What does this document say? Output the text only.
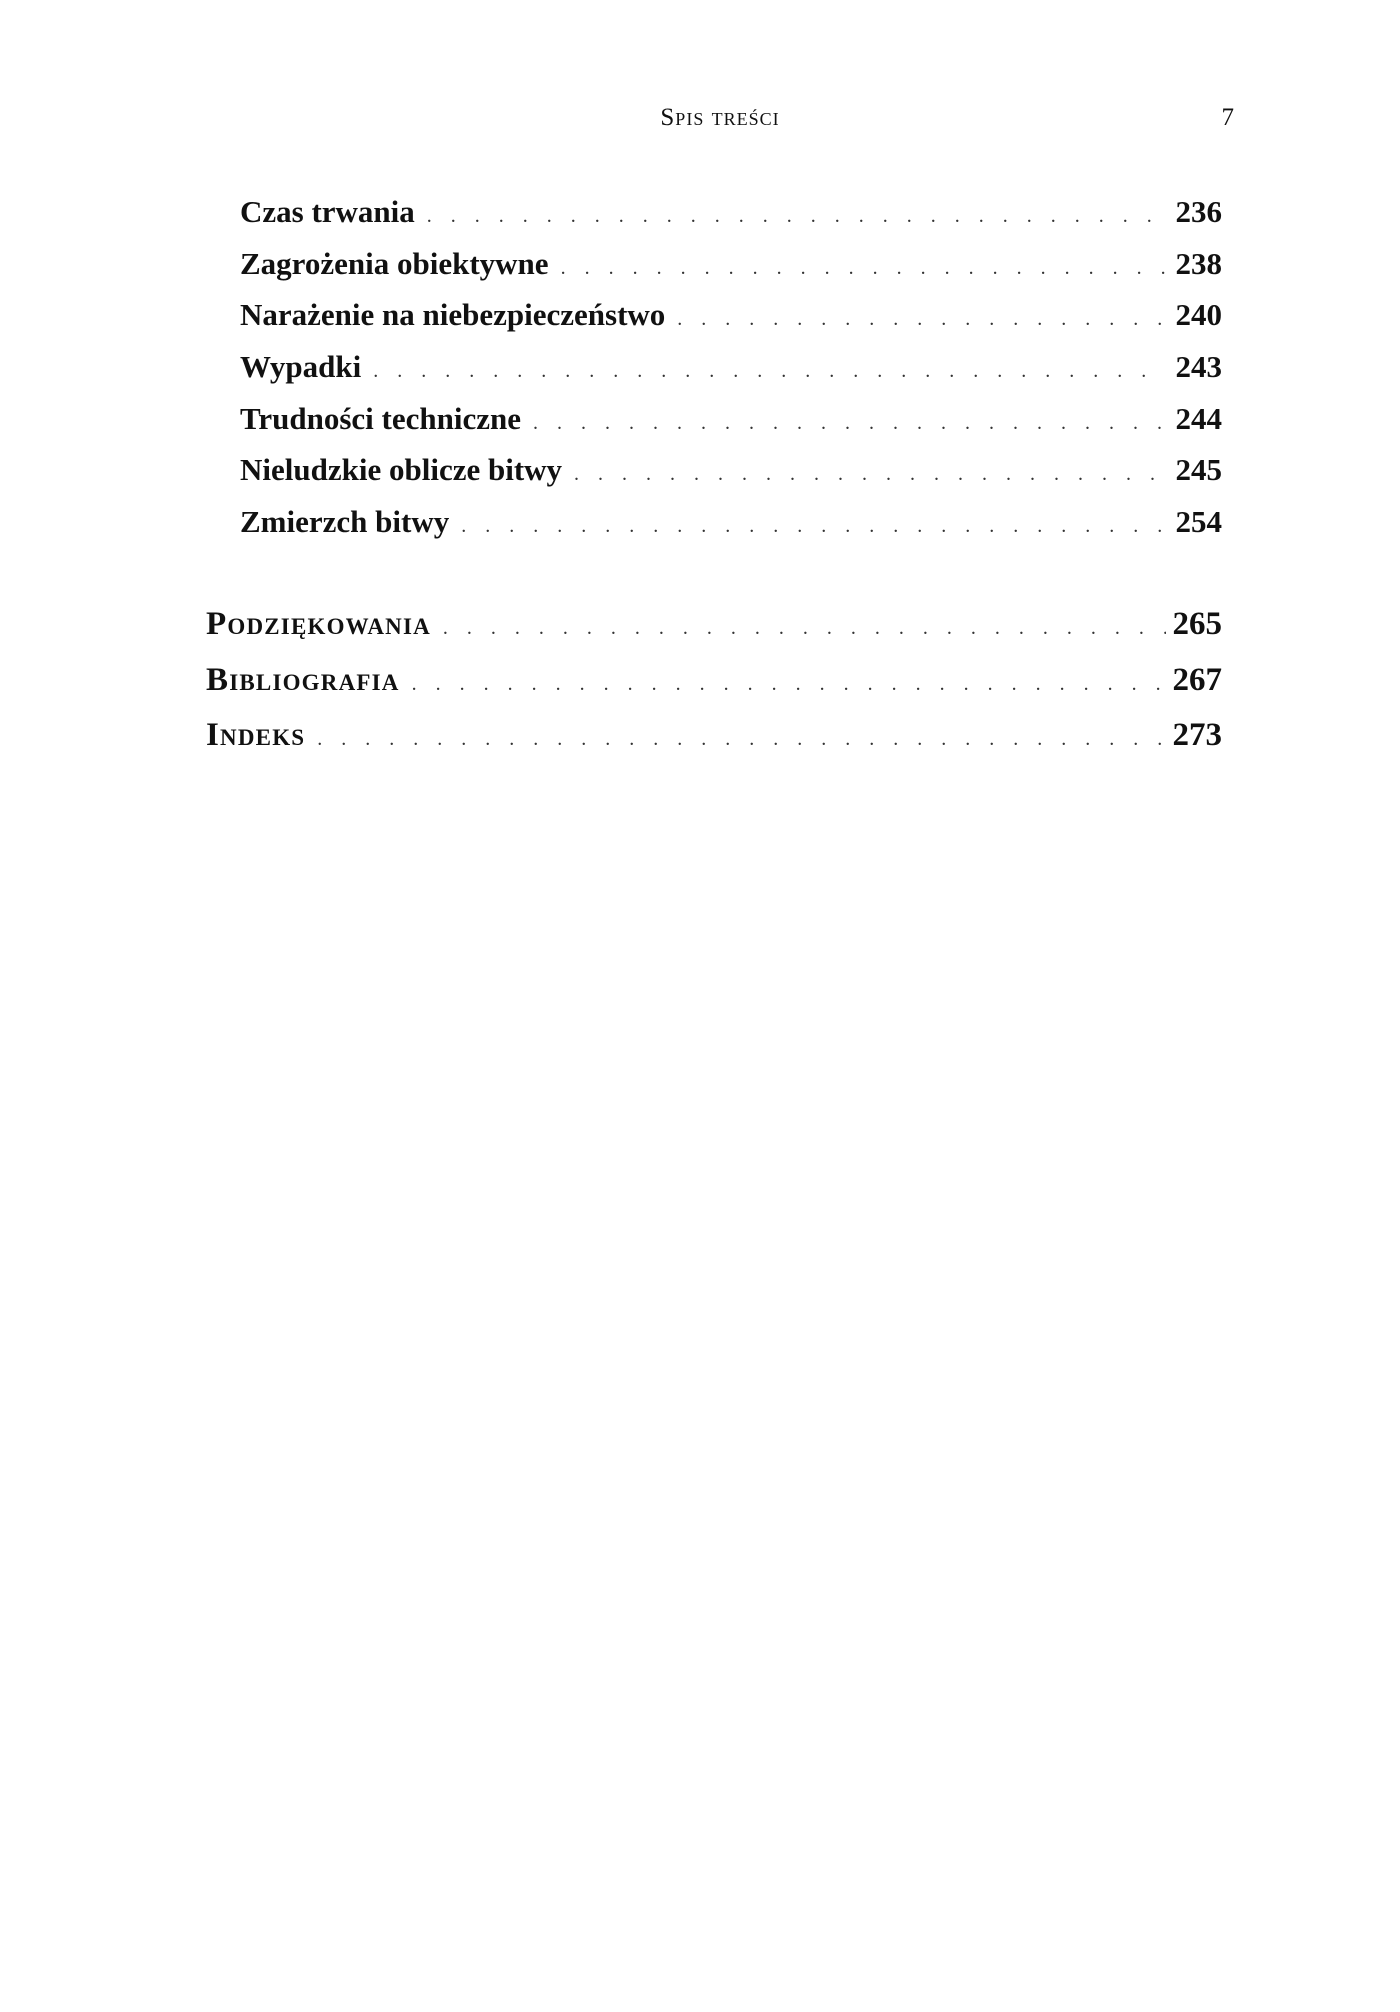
Spis treści	7
Czas trwania . . .	236
Zagrożenia obiektywne . . .	238
Narażenie na niebezpieczeństwo . . .	240
Wypadki . . .	243
Trudności techniczne . . .	244
Nieludzkie oblicze bitwy . . .	245
Zmierzch bitwy . . .	254
Podziękowania . . .	265
Bibliografia . . .	267
Indeks . . .	273
